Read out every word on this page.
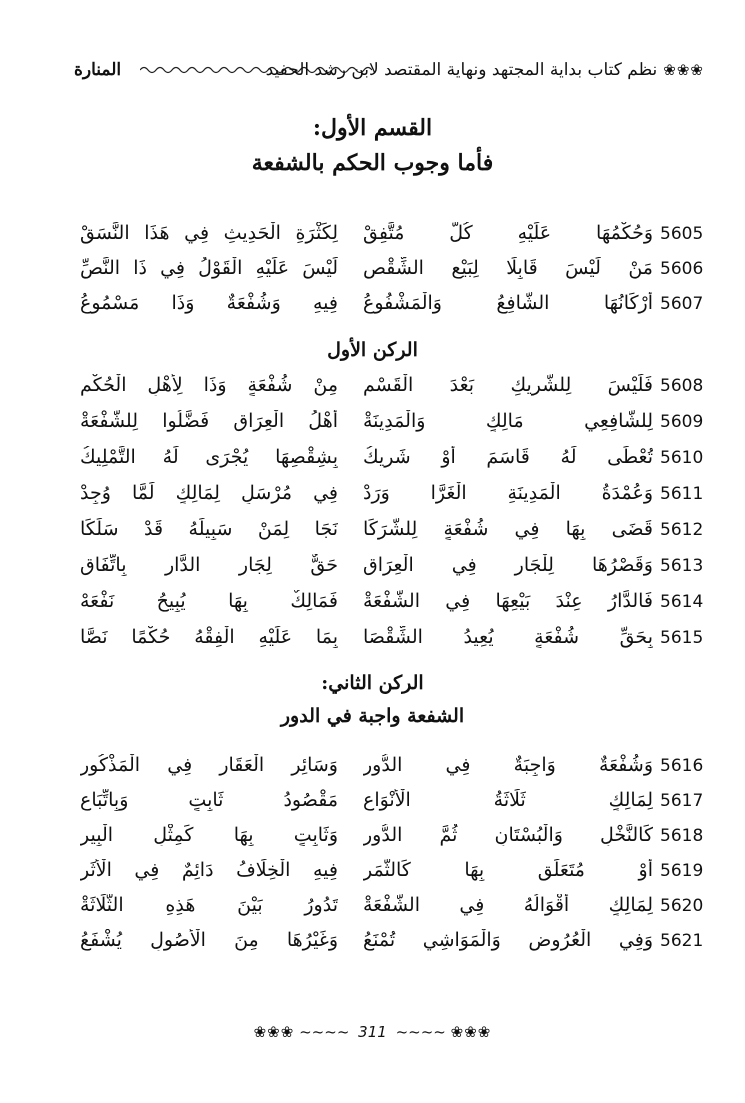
المنارة	❀❀❀
نظم كتاب بداية المجتهد ونهاية المقتصد لابن رشد الحفيد
القسم الأول:
فأما وجوب الحكم بالشفعة
5605
وَحُكْمُهَا عَلَيْهِ كُلٌّ مُتَّفِقْ
لِكَثْرَةِ الْحَدِيثِ فِي هَذَا النَّسَقْ
5606
مَنْ لَيْسَ قَابِلًا لِبَيْعِ الشِّقْصِ
لَيْسَ عَلَيْهِ الْقَوْلُ فِي ذَا النَّصِّ
5607
أَرْكَانُهَا الشَّافِعُ وَالْمَشْفُوعُ
فِيهِ وَشُفْعَةٌ وَذَا مَسْمُوعُ
الركن الأول
5608
فَلَيْسَ لِلشَّرِيكِ بَعْدَ الْقَسْمِ
مِنْ شُفْعَةٍ وَذَا لِأَهْلِ الْحُكْمِ
5609
لِلشَّافِعِي مَالِكٍ وَالْمَدِينَةْ
أَهْلُ الْعِرَاقِ فَضَّلُوا لِلشُّفْعَةْ
5610
تُعْطَى لَهُ قَاسَمَ أَوْ شَرِيكُ
بِشِقْصِهَا يُجْرَى لَهُ التَّمْلِيكُ
5611
وَعُمْدَةُ الْمَدِينَةِ الْغَرَّا وَرَدْ
فِي مُرْسَلٍ لِمَالِكٍ لَمَّا وُجِدْ
5612
قَضَى بِهَا فِي شُفْعَةٍ لِلشُّرَكَا
نَجَا لِمَنْ سَبِيلَهُ قَدْ سَلَكَا
5613
وَقَصْرُهَا لِلْجَارِ فِي الْعِرَاقِ
حَقٌّ لِجَارِ الدَّارِ بِاتِّفَاقِ
5614
فَالدَّارُ عِنْدَ بَيْعِهَا فِي الشُّفْعَةْ
فَمَالِكٌ بِهَا يُبِيحُ نَفْعَهْ
5615
بِحَقِّ شُفْعَةٍ يُعِيدُ الشِّقْصَا
بِمَا عَلَيْهِ الْفِقْهُ حُكْمًا نَصَّا
الركن الثاني:
الشفعة واجبة في الدور
5616
وَشُفْعَةٌ وَاجِبَةٌ فِي الدُّورِ
وَسَائِرِ الْعَقَارِ فِي الْمَذْكُورِ
5617
لِمَالِكٍ ثَلَاثَةُ الْأَنْوَاعِ
مَقْصُودُ ثَابِتٍ وَبِاتِّبَاعِ
5618
كَالنَّخْلِ وَالْبُسْتَانِ ثُمَّ الدُّورِ
وَثَابِتٍ بِهَا كَمِثْلِ الْبِيرِ
5619
أَوْ مُتَعَلِّقٍ بِهَا كَالثَّمَرِ
فِيهِ الْخِلَافُ دَائِمٌ فِي الْأَثَرِ
5620
لِمَالِكٍ أَقْوَالُهُ فِي الشُّفْعَةْ
تَدُورُ بَيْنَ هَذِهِ الثَّلَاثَةْ
5621
وَفِي الْعُرُوضِ وَالْمَوَاشِي تُمْنَعُ
وَغَيْرُهَا مِنَ الْأُصُولِ يُشْفَعُ
❀❀❀ ~~~~ 311 ~~~~ ❀❀❀
